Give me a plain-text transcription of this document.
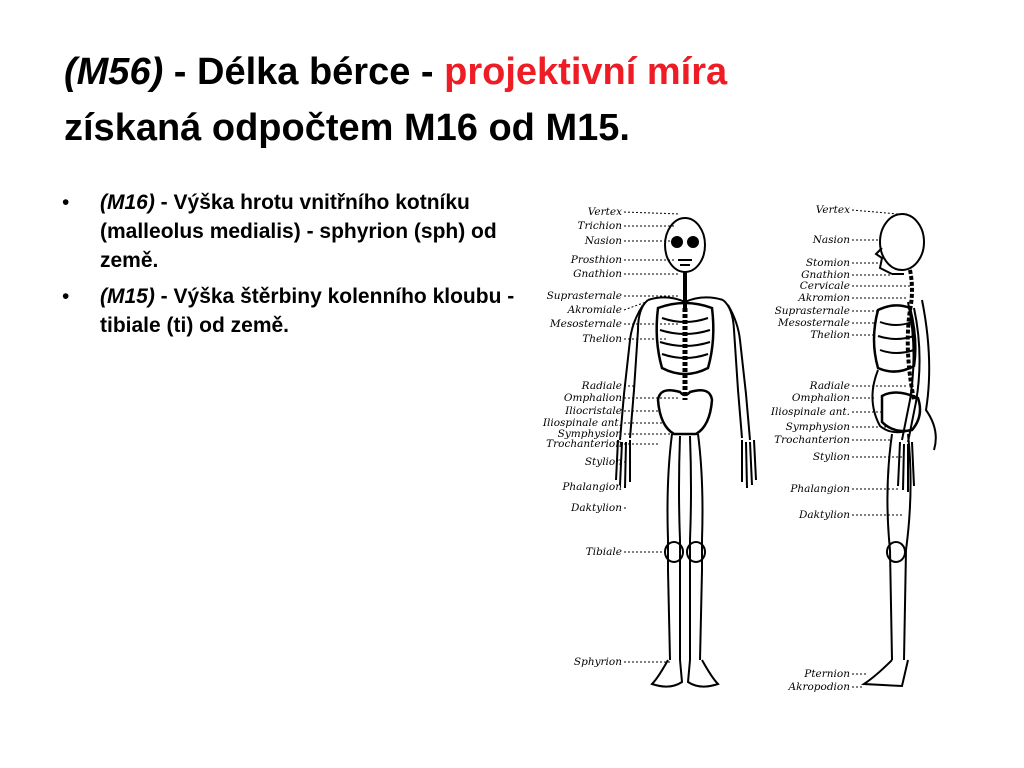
(M56) - Délka bérce - projektivní míra
získaná odpočtem M16 od M15.
• (M16) - Výška hrotu vnitřního kotníku (malleolus medialis) - sphyrion (sph) od země.
• (M15) - Výška štěrbiny kolenního kloubu - tibiale (ti) od země.
Vertex
Trichion
Nasion
Prosthion
Gnathion
Suprasternale
Akromiale
Mesosternale
Thelion
Radiale
Omphalion
Iliocristale
Iliospinale ant.
Symphysion
Trochanterion
Stylion
Phalangion
Daktylion
Tibiale
Sphyrion
Vertex
Nasion
Stomion
Gnathion
Cervicale
Akromion
Suprasternale
Mesosternale
Thelion
Radiale
Omphalion
Iliospinale ant.
Symphysion
Trochanterion
Stylion
Phalangion
Daktylion
Pternion
Akropodion
